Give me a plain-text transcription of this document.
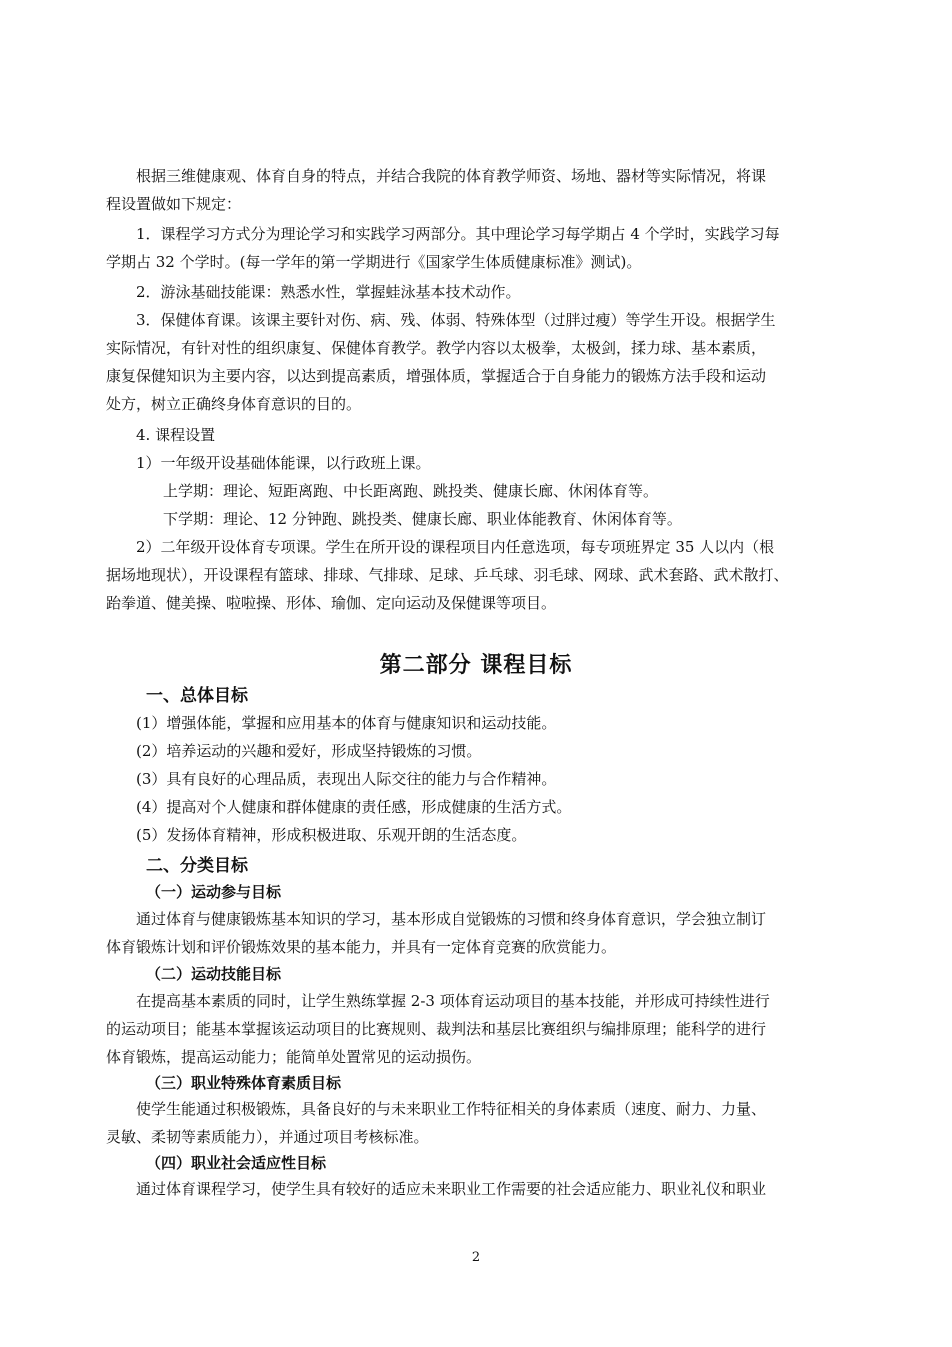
根据三维健康观、体育自身的特点，并结合我院的体育教学师资、场地、器材等实际情况，将课

程设置做如下规定：

1．课程学习方式分为理论学习和实践学习两部分。其中理论学习每学期占 4 个学时，实践学习每

学期占 32 个学时。(每一学年的第一学期进行《国家学生体质健康标准》测试)。

2．游泳基础技能课：熟悉水性，掌握蛙泳基本技术动作。

3．保健体育课。该课主要针对伤、病、残、体弱、特殊体型（过胖过瘦）等学生开设。根据学生

实际情况，有针对性的组织康复、保健体育教学。教学内容以太极拳，太极剑，揉力球、基本素质，

康复保健知识为主要内容，以达到提高素质，增强体质，掌握适合于自身能力的锻炼方法手段和运动

处方，树立正确终身体育意识的目的。

4. 课程设置

1）一年级开设基础体能课，以行政班上课。

上学期：理论、短距离跑、中长距离跑、跳投类、健康长廊、休闲体育等。

下学期：理论、12 分钟跑、跳投类、健康长廊、职业体能教育、休闲体育等。

2）二年级开设体育专项课。学生在所开设的课程项目内任意选项，每专项班界定 35 人以内（根

据场地现状），开设课程有篮球、排球、气排球、足球、乒乓球、羽毛球、网球、武术套路、武术散打、

跆拳道、健美操、啦啦操、形体、瑜伽、定向运动及保健课等项目。

第二部分 课程目标

一、总体目标

(1）增强体能，掌握和应用基本的体育与健康知识和运动技能。

(2）培养运动的兴趣和爱好，形成坚持锻炼的习惯。

(3）具有良好的心理品质，表现出人际交往的能力与合作精神。

(4）提高对个人健康和群体健康的责任感，形成健康的生活方式。

(5）发扬体育精神，形成积极进取、乐观开朗的生活态度。

二、分类目标

（一）运动参与目标

通过体育与健康锻炼基本知识的学习，基本形成自觉锻炼的习惯和终身体育意识，学会独立制订

体育锻炼计划和评价锻炼效果的基本能力，并具有一定体育竞赛的欣赏能力。

（二）运动技能目标

在提高基本素质的同时，让学生熟练掌握 2-3 项体育运动项目的基本技能，并形成可持续性进行

的运动项目；能基本掌握该运动项目的比赛规则、裁判法和基层比赛组织与编排原理；能科学的进行

体育锻炼，提高运动能力；能简单处置常见的运动损伤。

（三）职业特殊体育素质目标

使学生能通过积极锻炼，具备良好的与未来职业工作特征相关的身体素质（速度、耐力、力量、

灵敏、柔韧等素质能力），并通过项目考核标准。

（四）职业社会适应性目标

通过体育课程学习，使学生具有较好的适应未来职业工作需要的社会适应能力、职业礼仪和职业

2
